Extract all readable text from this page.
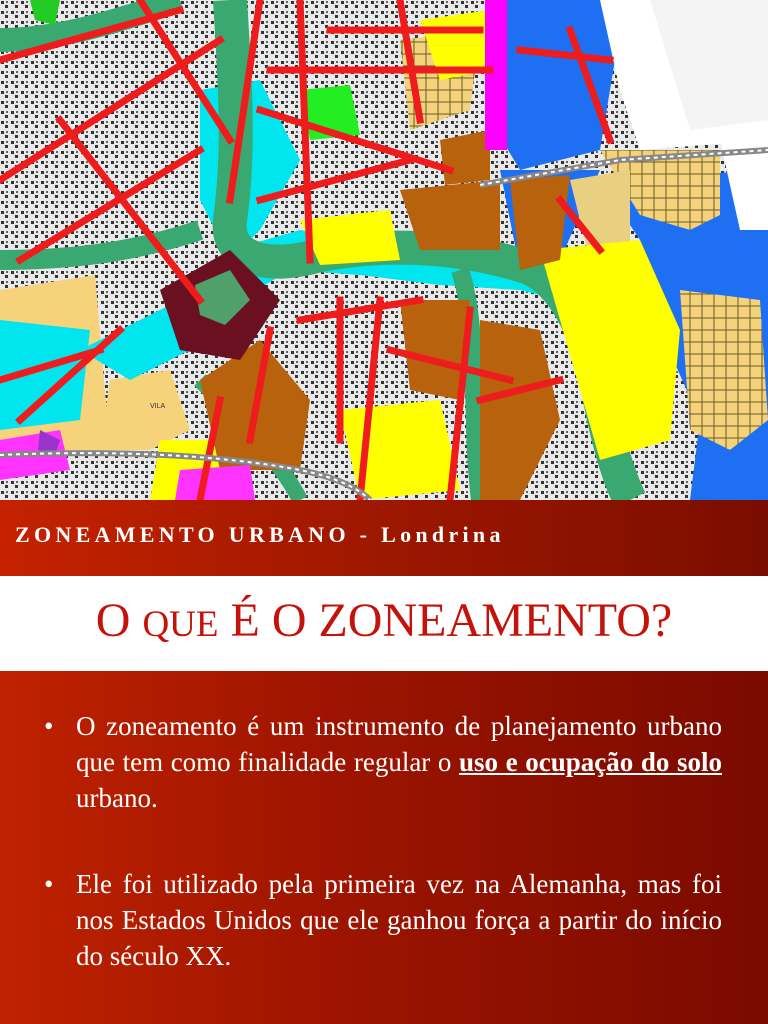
VILA
ZONEAMENTO URBANO - Londrina
O QUE É O ZONEAMENTO?
• O zoneamento é um instrumento de planejamento urbano que tem como finalidade regular o uso e ocupação do solo urbano.
• Ele foi utilizado pela primeira vez na Alemanha, mas foi nos Estados Unidos que ele ganhou força a partir do início do século XX.
